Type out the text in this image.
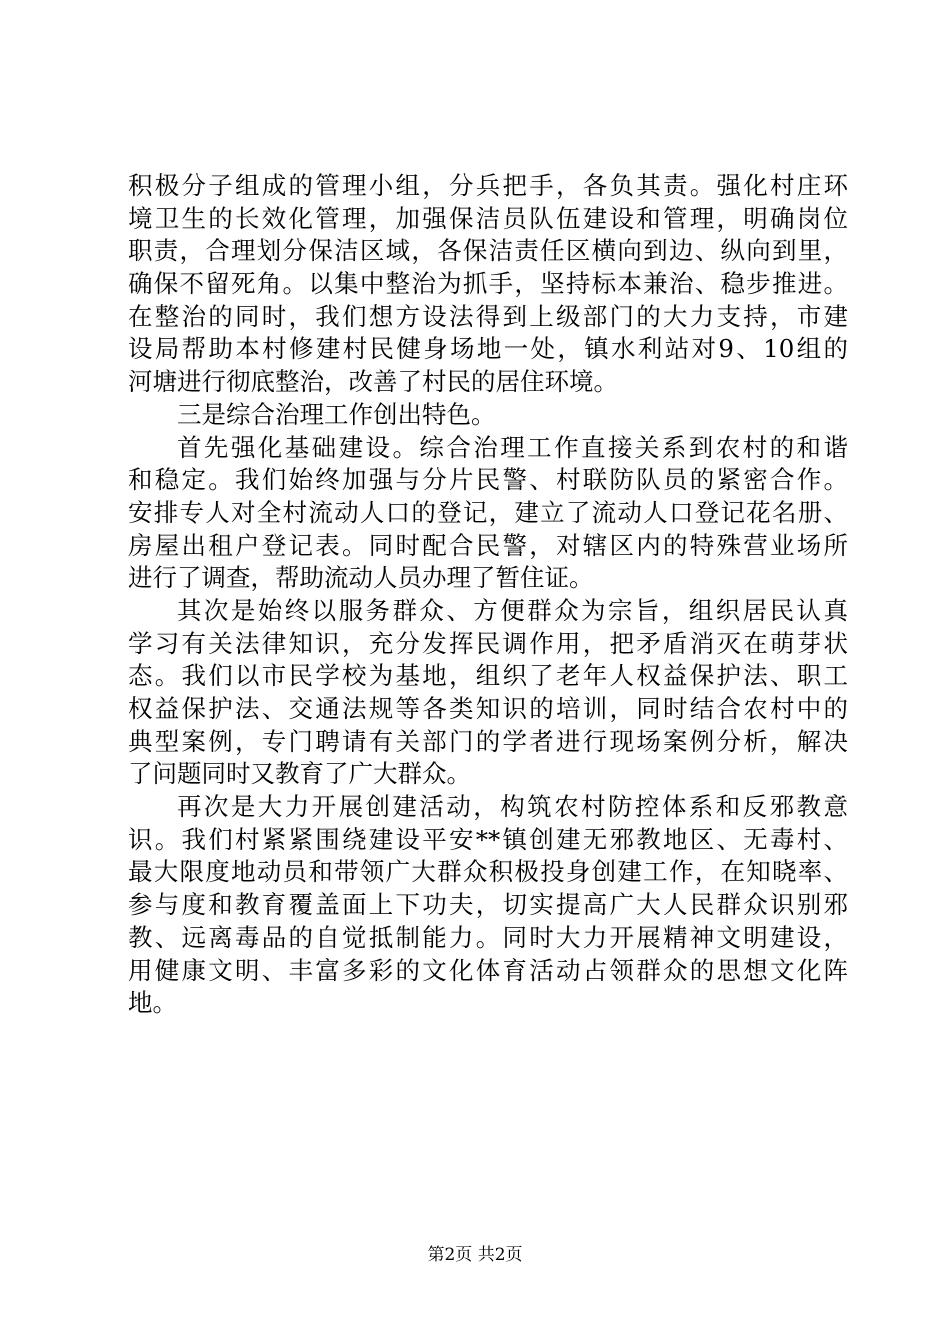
积极分子组成的管理小组，分兵把手，各负其责。强化村庄环
境卫生的长效化管理，加强保洁员队伍建设和管理，明确岗位
职责，合理划分保洁区域，各保洁责任区横向到边、纵向到里，
确保不留死角。以集中整治为抓手，坚持标本兼治、稳步推进。
在整治的同时，我们想方设法得到上级部门的大力支持，市建
设局帮助本村修建村民健身场地一处，镇水利站对9、10组的
河塘进行彻底整治，改善了村民的居住环境。
三是综合治理工作创出特色。
首先强化基础建设。综合治理工作直接关系到农村的和谐
和稳定。我们始终加强与分片民警、村联防队员的紧密合作。
安排专人对全村流动人口的登记，建立了流动人口登记花名册、
房屋出租户登记表。同时配合民警，对辖区内的特殊营业场所
进行了调查，帮助流动人员办理了暂住证。
其次是始终以服务群众、方便群众为宗旨，组织居民认真
学习有关法律知识，充分发挥民调作用，把矛盾消灭在萌芽状
态。我们以市民学校为基地，组织了老年人权益保护法、职工
权益保护法、交通法规等各类知识的培训，同时结合农村中的
典型案例，专门聘请有关部门的学者进行现场案例分析，解决
了问题同时又教育了广大群众。
再次是大力开展创建活动，构筑农村防控体系和反邪教意
识。我们村紧紧围绕建设平安**镇创建无邪教地区、无毒村、
最大限度地动员和带领广大群众积极投身创建工作，在知晓率、
参与度和教育覆盖面上下功夫，切实提高广大人民群众识别邪
教、远离毒品的自觉抵制能力。同时大力开展精神文明建设，
用健康文明、丰富多彩的文化体育活动占领群众的思想文化阵
地。
第2页 共2页
